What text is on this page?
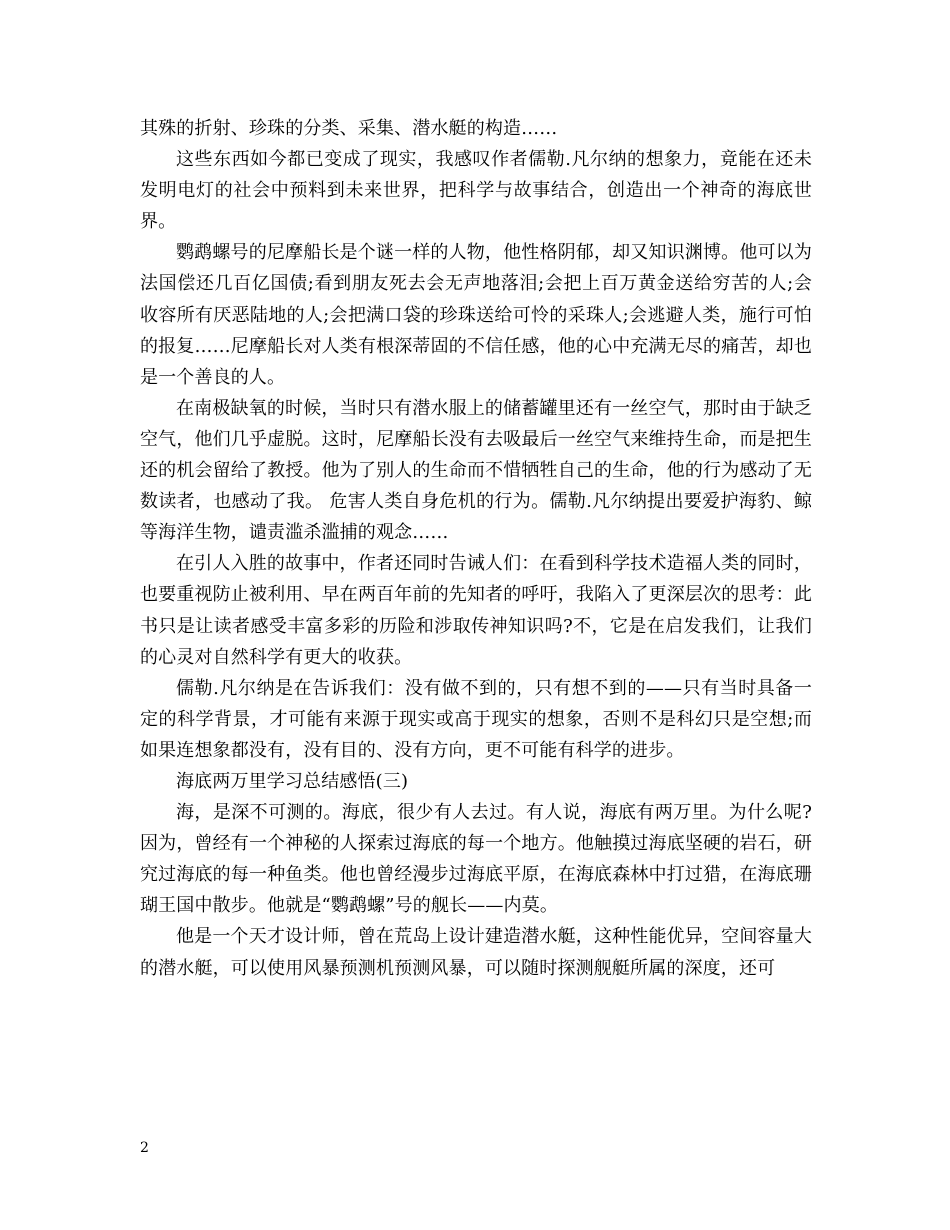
其殊的折射、珍珠的分类、采集、潜水艇的构造……

这些东西如今都已变成了现实，我感叹作者儒勒.凡尔纳的想象力，竟能在还未发明电灯的社会中预料到未来世界，把科学与故事结合，创造出一个神奇的海底世界。

鹦鹉螺号的尼摩船长是个谜一样的人物，他性格阴郁，却又知识渊博。他可以为法国偿还几百亿国债;看到朋友死去会无声地落泪;会把上百万黄金送给穷苦的人;会收容所有厌恶陆地的人;会把满口袋的珍珠送给可怜的采珠人;会逃避人类，施行可怕的报复……尼摩船长对人类有根深蒂固的不信任感，他的心中充满无尽的痛苦，却也是一个善良的人。

在南极缺氧的时候，当时只有潜水服上的储蓄罐里还有一丝空气，那时由于缺乏空气，他们几乎虚脱。这时，尼摩船长没有去吸最后一丝空气来维持生命，而是把生还的机会留给了教授。他为了别人的生命而不惜牺牲自己的生命，他的行为感动了无数读者，也感动了我。 危害人类自身危机的行为。儒勒.凡尔纳提出要爱护海豹、鲸等海洋生物，谴责滥杀滥捕的观念……

在引人入胜的故事中，作者还同时告诫人们：在看到科学技术造福人类的同时，也要重视防止被利用、早在两百年前的先知者的呼吁，我陷入了更深层次的思考：此书只是让读者感受丰富多彩的历险和涉取传神知识吗?不，它是在启发我们，让我们的心灵对自然科学有更大的收获。

儒勒.凡尔纳是在告诉我们：没有做不到的，只有想不到的——只有当时具备一定的科学背景，才可能有来源于现实或高于现实的想象，否则不是科幻只是空想;而如果连想象都没有，没有目的、没有方向，更不可能有科学的进步。

海底两万里学习总结感悟(三)

海，是深不可测的。海底，很少有人去过。有人说，海底有两万里。为什么呢?因为，曾经有一个神秘的人探索过海底的每一个地方。他触摸过海底坚硬的岩石，研究过海底的每一种鱼类。他也曾经漫步过海底平原，在海底森林中打过猎，在海底珊瑚王国中散步。他就是“鹦鹉螺”号的舰长——内莫。

他是一个天才设计师，曾在荒岛上设计建造潜水艇，这种性能优异，空间容量大的潜水艇，可以使用风暴预测机预测风暴，可以随时探测舰艇所属的深度，还可

2
